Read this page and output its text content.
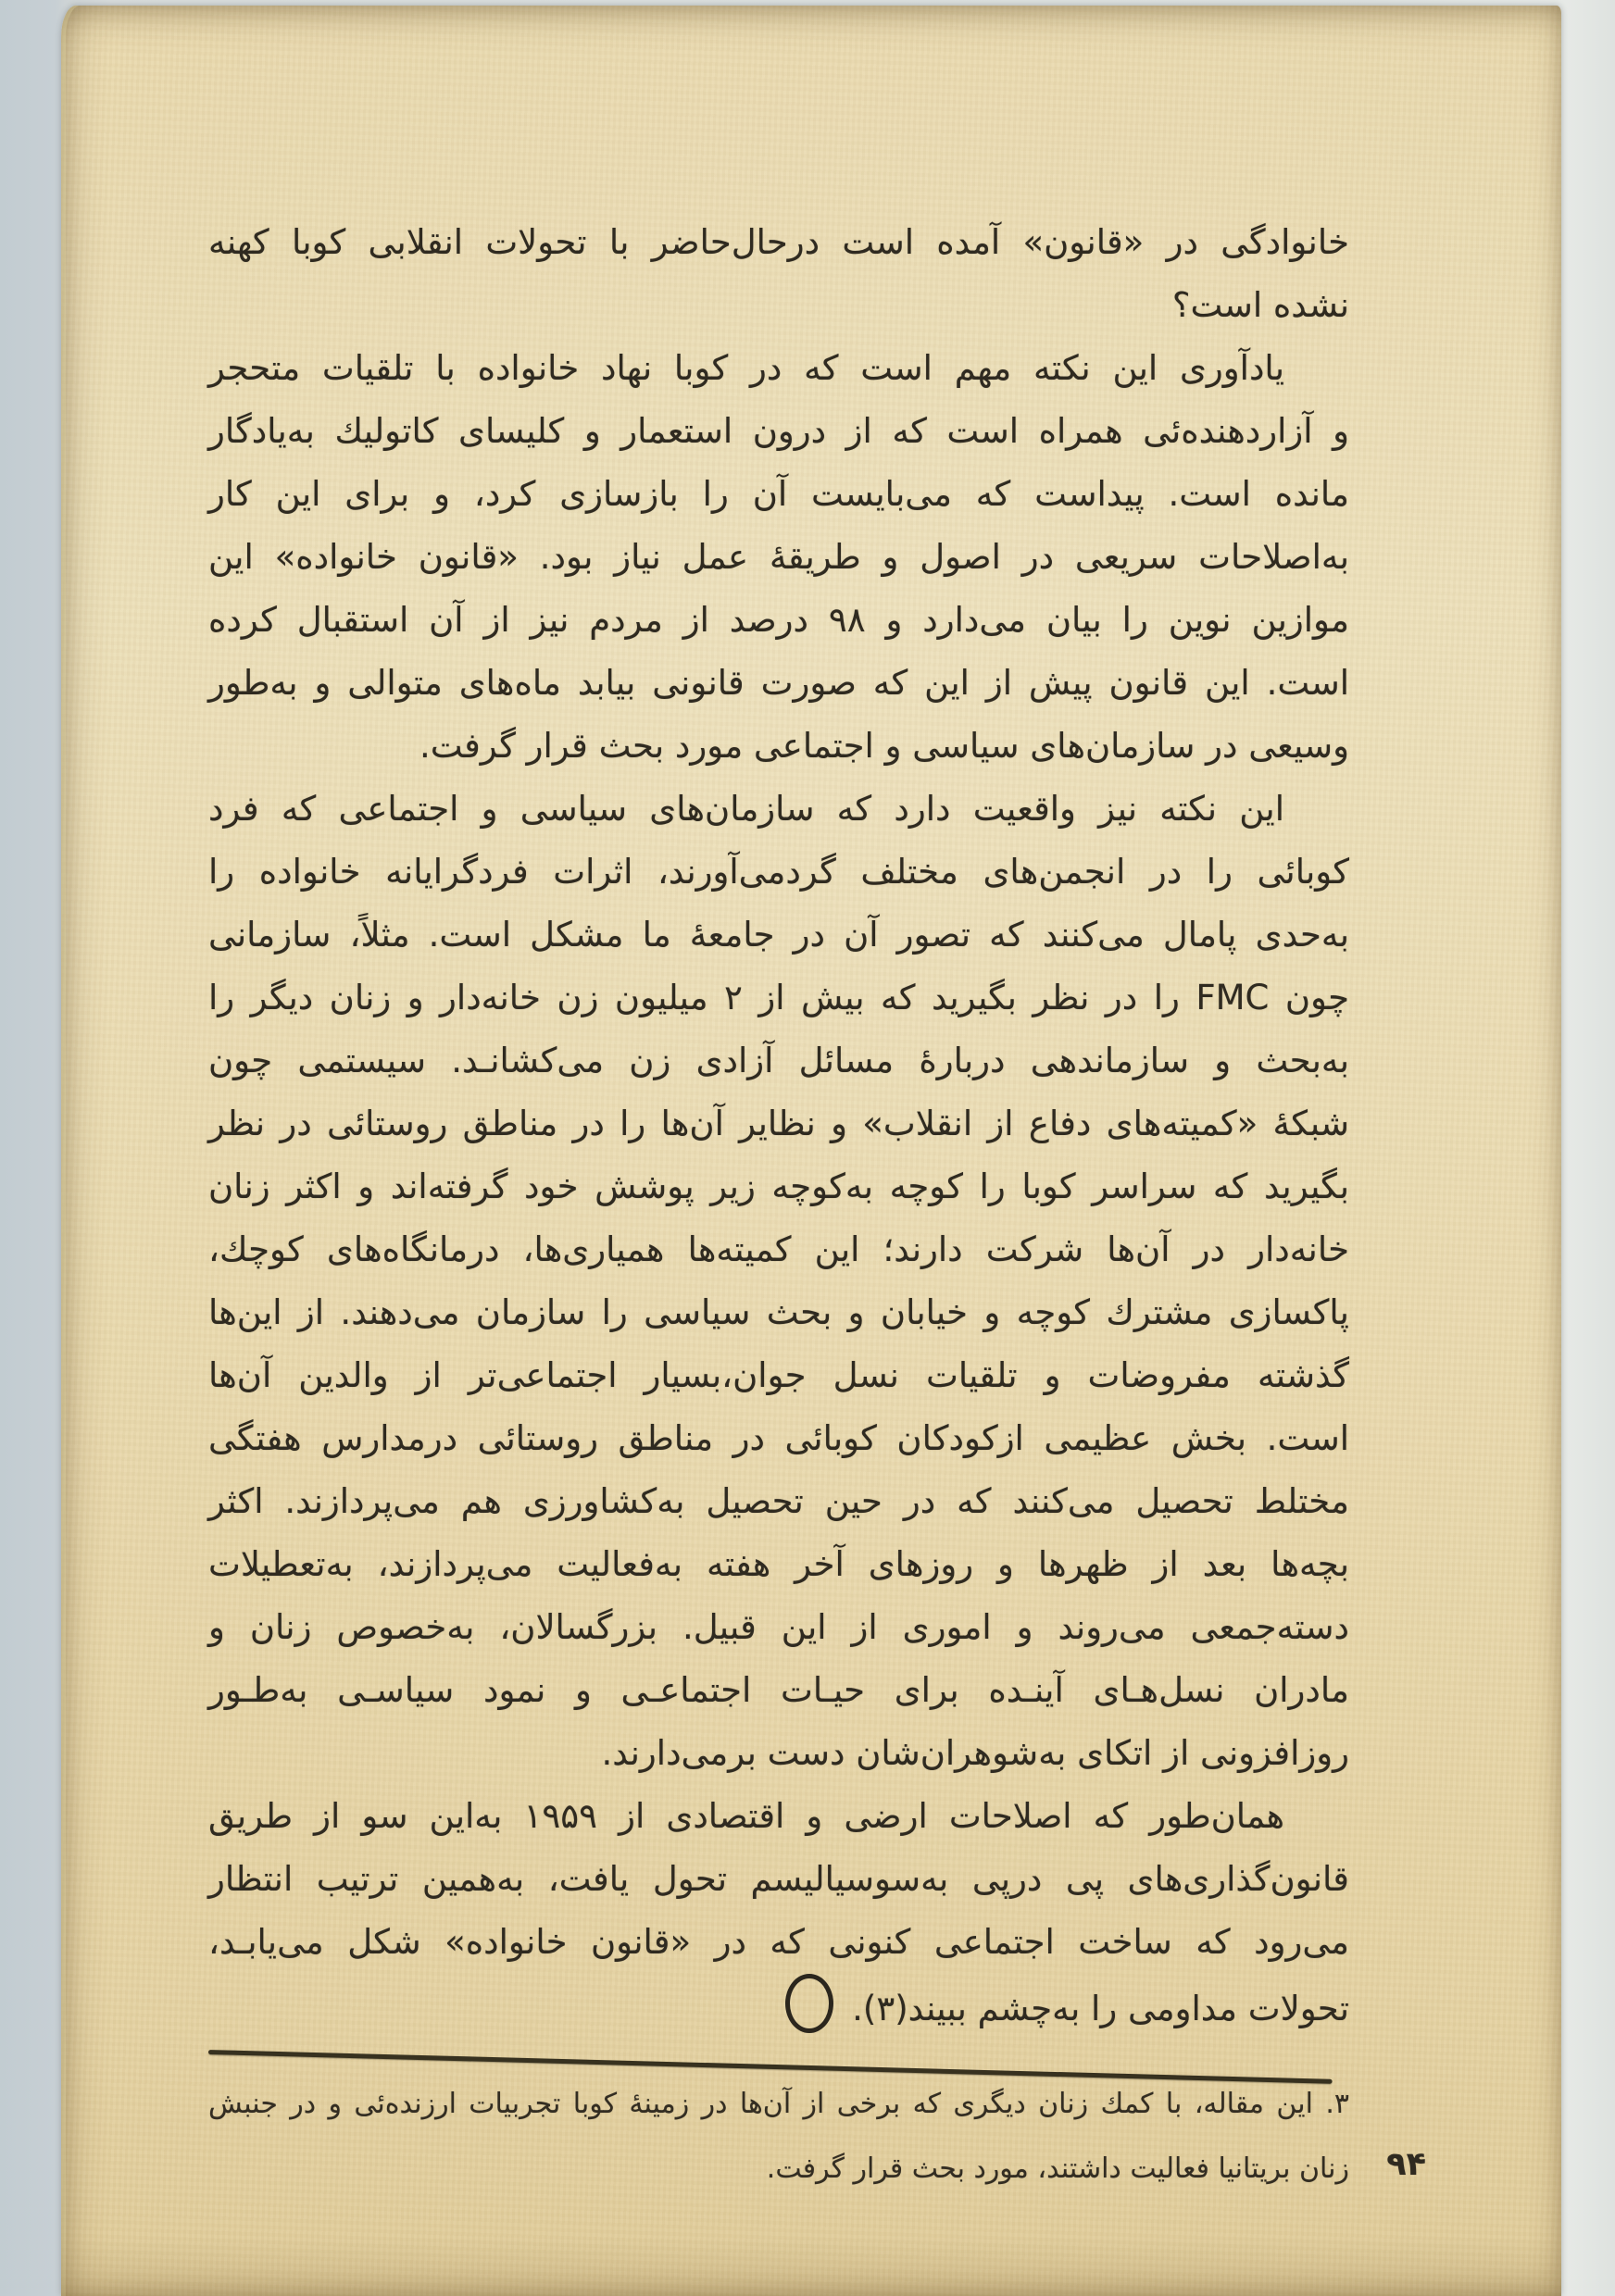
خانوادگی در «قانون» آمده است درحال‌حاضر با تحولات انقلابی کوبا کهنه
نشده است؟
یادآوری این نکته مهم است که در کوبا نهاد خانواده با تلقیات متحجر
و آزاردهنده‌ئی همراه است که از درون استعمار و کلیسای کاتولیك به‌یادگار
مانده است. پیداست که می‌بایست آن را بازسازی کرد، و برای این کار
به‌اصلاحات سریعی در اصول و طریقهٔ عمل نیاز بود. «قانون خانواده» این
موازین نوین را بیان می‌دارد و ۹۸ درصد از مردم نیز از آن استقبال کرده
است. این قانون پیش از این که صورت قانونی بیابد ماه‌های متوالی و به‌طور
وسیعی در سازمان‌های سیاسی و اجتماعی مورد بحث قرار گرفت.
این نکته نیز واقعیت دارد که سازمان‌های سیاسی و اجتماعی که فرد
کوبائی را در انجمن‌های مختلف گردمی‌آورند، اثرات فردگرایانه خانواده را
به‌حدی پامال می‌کنند که تصور آن در جامعهٔ ما مشکل است. مثلاً، سازمانی
چون FMC را در نظر بگیرید که بیش از ۲ میلیون زن خانه‌دار و زنان دیگر را
به‌بحث و سازماندهی دربارهٔ مسائل آزادی زن می‌کشانـد. سیستمی چون
شبکهٔ «کمیته‌های دفاع از انقلاب» و نظایر آن‌ها را در مناطق روستائی در نظر
بگیرید که سراسر کوبا را کوچه به‌کوچه زیر پوشش خود گرفته‌اند و اکثر زنان
خانه‌دار در آن‌ها شرکت دارند؛ این کمیته‌ها همیاری‌ها، درمانگاه‌های کوچك،
پاکسازی مشترك کوچه و خیابان و بحث سیاسی را سازمان می‌دهند. از این‌ها
گذشته مفروضات و تلقیات نسل جوان،بسیار اجتماعی‌تر از والدین آن‌ها
است. بخش عظیمی ازکودکان کوبائی در مناطق روستائی درمدارس هفتگی
مختلط تحصیل می‌کنند که در حین تحصیل به‌کشاورزی هم می‌پردازند. اکثر
بچه‌ها بعد از ظهرها و روزهای آخر هفته به‌فعالیت می‌پردازند، به‌تعطیلات
دسته‌جمعی می‌روند و اموری از این قبیل. بزرگسالان، به‌خصوص زنان و
مادران نسل‌هـای آینـده برای حیـات اجتماعـی و نمود سیاسـی به‌طـور
روزافزونی از اتکای به‌شوهران‌شان دست برمی‌دارند.
همان‌طور که اصلاحات ارضی و اقتصادی از ۱۹۵۹ به‌این سو از طریق
قانون‌گذاری‌های پی درپی به‌سوسیالیسم تحول یافت، به‌همین ترتیب انتظار
می‌رود که ساخت اجتماعی کنونی که در «قانون خانواده» شکل می‌یابـد،
تحولات مداومی را به‌چشم ببیند(۳).
۳. این مقاله، با کمك زنان دیگری که برخی از آن‌ها در زمینهٔ کوبا تجربیات ارزنده‌ئی و در جنبش
زنان بریتانیا فعالیت داشتند، مورد بحث قرار گرفت. ۹۴
